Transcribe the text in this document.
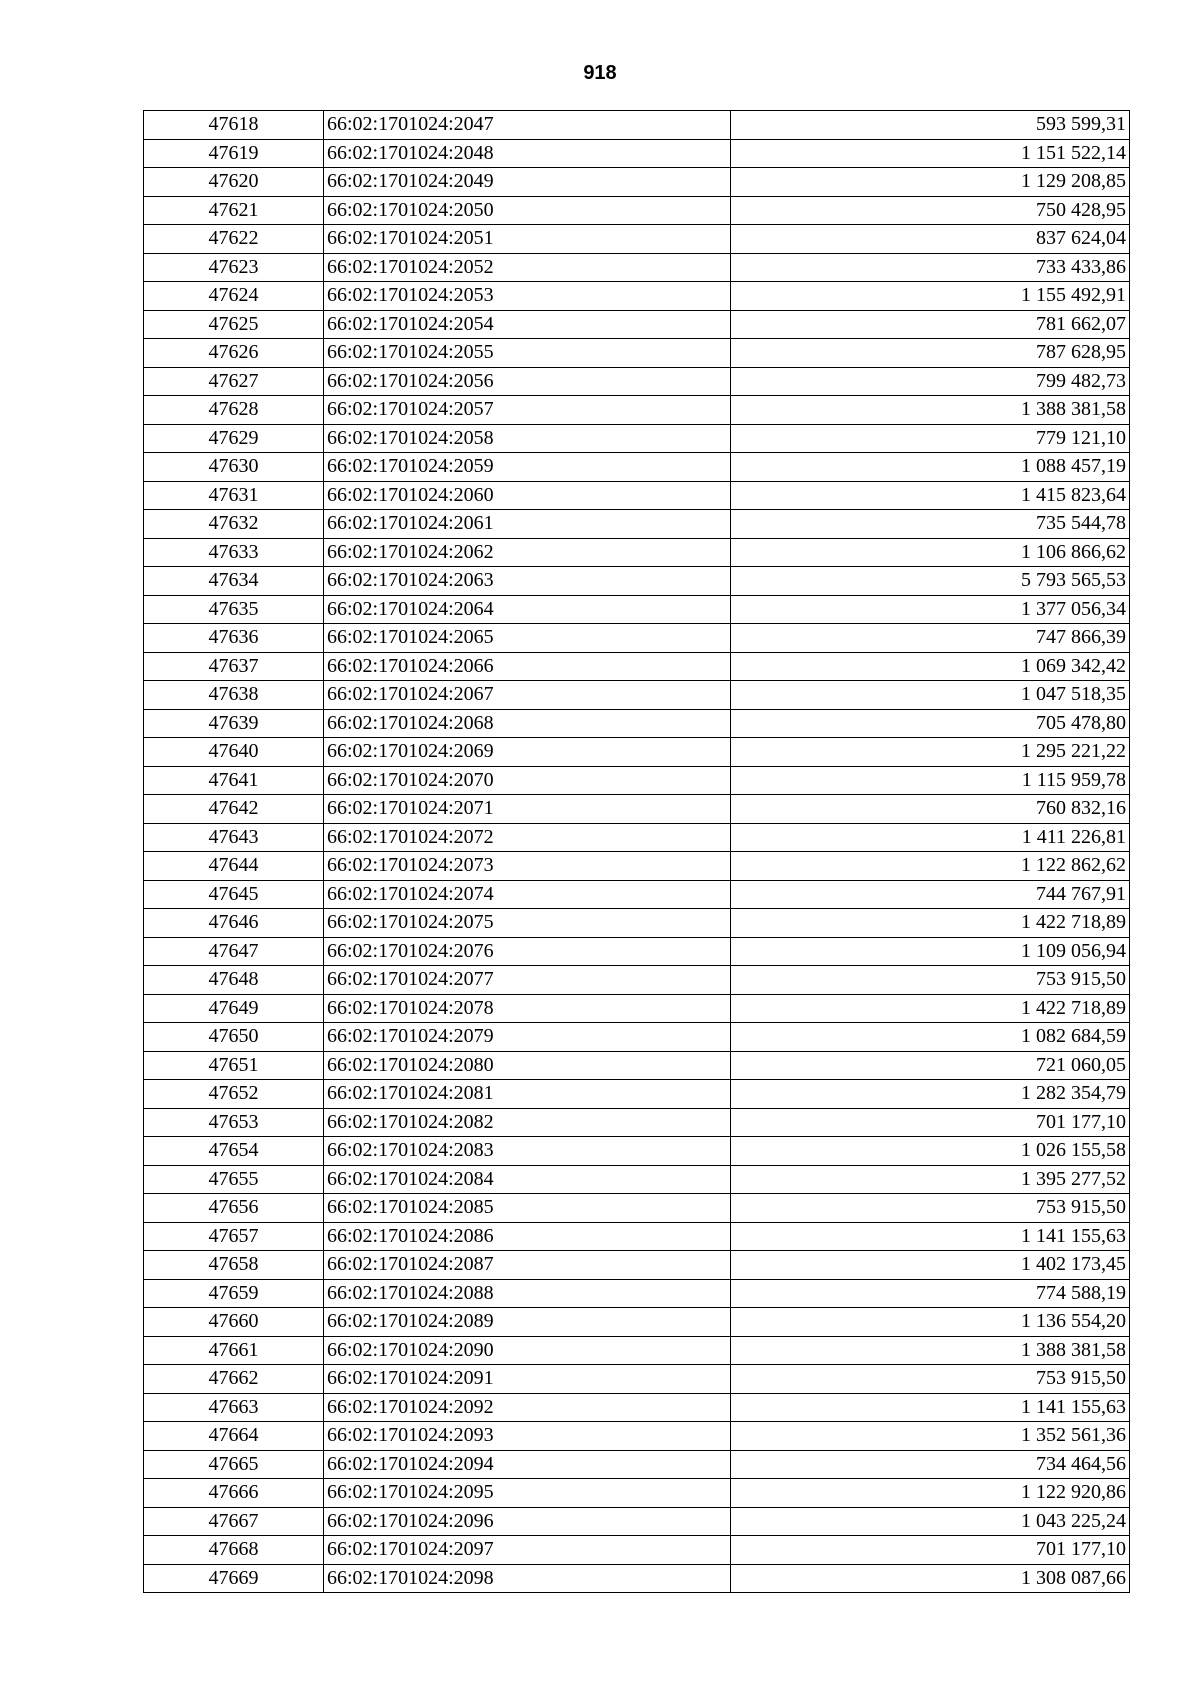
918
47618	66:02:1701024:2047	593 599,31
47619	66:02:1701024:2048	1 151 522,14
47620	66:02:1701024:2049	1 129 208,85
47621	66:02:1701024:2050	750 428,95
47622	66:02:1701024:2051	837 624,04
47623	66:02:1701024:2052	733 433,86
47624	66:02:1701024:2053	1 155 492,91
47625	66:02:1701024:2054	781 662,07
47626	66:02:1701024:2055	787 628,95
47627	66:02:1701024:2056	799 482,73
47628	66:02:1701024:2057	1 388 381,58
47629	66:02:1701024:2058	779 121,10
47630	66:02:1701024:2059	1 088 457,19
47631	66:02:1701024:2060	1 415 823,64
47632	66:02:1701024:2061	735 544,78
47633	66:02:1701024:2062	1 106 866,62
47634	66:02:1701024:2063	5 793 565,53
47635	66:02:1701024:2064	1 377 056,34
47636	66:02:1701024:2065	747 866,39
47637	66:02:1701024:2066	1 069 342,42
47638	66:02:1701024:2067	1 047 518,35
47639	66:02:1701024:2068	705 478,80
47640	66:02:1701024:2069	1 295 221,22
47641	66:02:1701024:2070	1 115 959,78
47642	66:02:1701024:2071	760 832,16
47643	66:02:1701024:2072	1 411 226,81
47644	66:02:1701024:2073	1 122 862,62
47645	66:02:1701024:2074	744 767,91
47646	66:02:1701024:2075	1 422 718,89
47647	66:02:1701024:2076	1 109 056,94
47648	66:02:1701024:2077	753 915,50
47649	66:02:1701024:2078	1 422 718,89
47650	66:02:1701024:2079	1 082 684,59
47651	66:02:1701024:2080	721 060,05
47652	66:02:1701024:2081	1 282 354,79
47653	66:02:1701024:2082	701 177,10
47654	66:02:1701024:2083	1 026 155,58
47655	66:02:1701024:2084	1 395 277,52
47656	66:02:1701024:2085	753 915,50
47657	66:02:1701024:2086	1 141 155,63
47658	66:02:1701024:2087	1 402 173,45
47659	66:02:1701024:2088	774 588,19
47660	66:02:1701024:2089	1 136 554,20
47661	66:02:1701024:2090	1 388 381,58
47662	66:02:1701024:2091	753 915,50
47663	66:02:1701024:2092	1 141 155,63
47664	66:02:1701024:2093	1 352 561,36
47665	66:02:1701024:2094	734 464,56
47666	66:02:1701024:2095	1 122 920,86
47667	66:02:1701024:2096	1 043 225,24
47668	66:02:1701024:2097	701 177,10
47669	66:02:1701024:2098	1 308 087,66
